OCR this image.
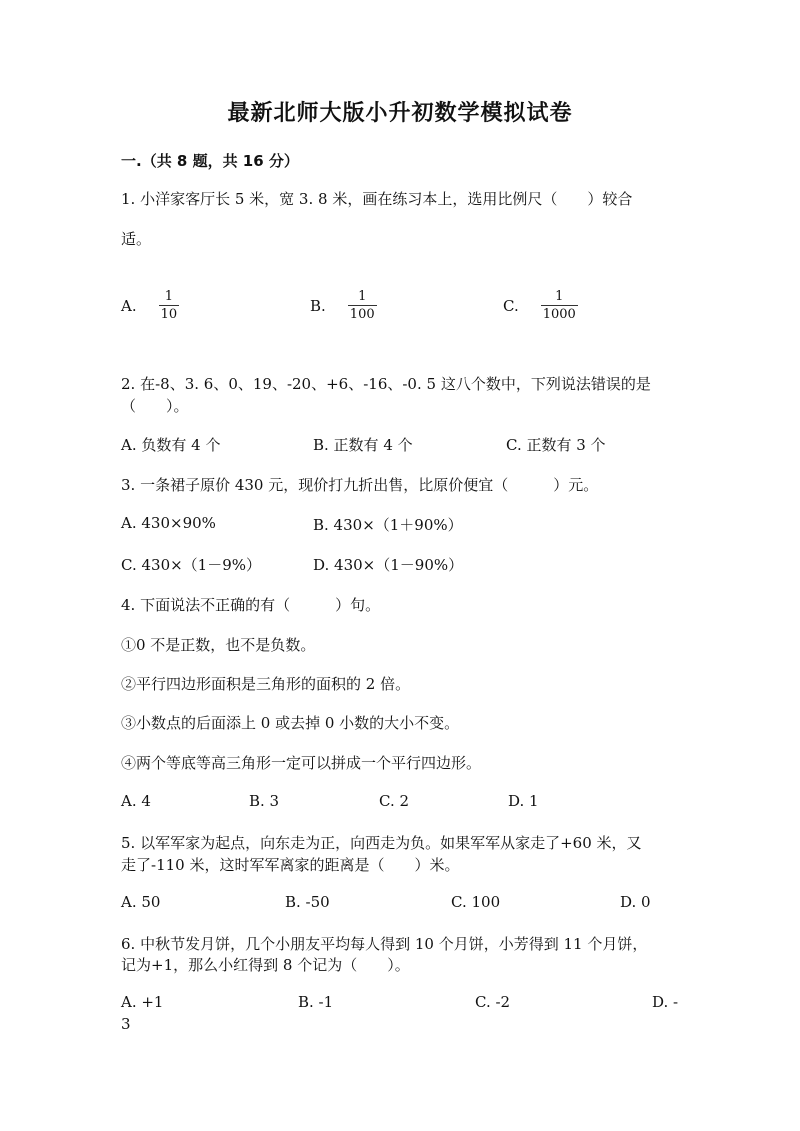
最新北师大版小升初数学模拟试卷
一.（共 8 题，共 16 分）
1. 小洋家客厅长 5 米，宽 3. 8 米，画在练习本上，选用比例尺（　　）较合
适。
A. $\frac{1}{10}$	B. $\frac{1}{100}$	C. $\frac{1}{1000}$
2. 在-8、3. 6、0、19、-20、+6、-16、-0. 5 这八个数中，下列说法错误的是
（　　）。
A. 负数有 4 个	B. 正数有 4 个	C. 正数有 3 个
3. 一条裙子原价 430 元，现价打九折出售，比原价便宜（　　　）元。
A. 430×90%	B. 430×（1＋90%）
C. 430×（1－9%）	D. 430×（1－90%）
4. 下面说法不正确的有（　　　）句。
①0 不是正数，也不是负数。
②平行四边形面积是三角形的面积的 2 倍。
③小数点的后面添上 0 或去掉 0 小数的大小不变。
④两个等底等高三角形一定可以拼成一个平行四边形。
A. 4	B. 3	C. 2	D. 1
5. 以军军家为起点，向东走为正，向西走为负。如果军军从家走了+60 米，又
走了-110 米，这时军军离家的距离是（　　）米。
A. 50	B. -50	C. 100	D. 0
6. 中秋节发月饼，几个小朋友平均每人得到 10 个月饼，小芳得到 11 个月饼，
记为+1，那么小红得到 8 个记为（　　）。
A. +1	B. -1	C. -2	D. -
3
